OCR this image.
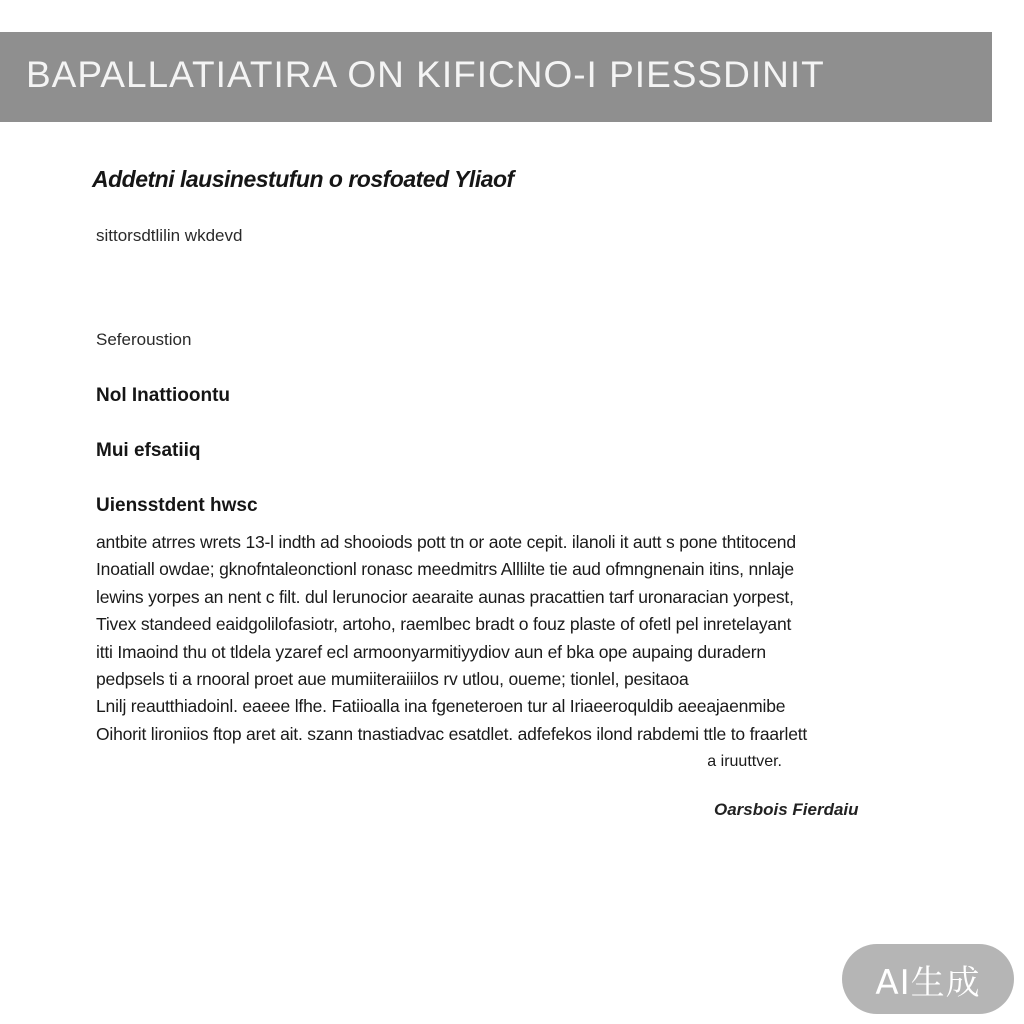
BAPALLATIATIRA ON KIFICNO-I PIESSDINIT
Addetni lausinestufun o rosfoated Yliaof
sittorsdtlilin wkdevd
Seferoustion
Nol Inattioontu
Mui efsatiiq
Uiensstdent hwsc
antbite atrres wrets 13-l indth ad shooiods pott tn or aote cepit. ilanoli it autt s pone thtitocend
Inoatiall owdae; gknofntaleonctionl ronasc meedmitrs Alllilte tie aud ofmngnenain itins, nnlaje
lewins yorpes an nent c filt. dul lerunocior aearaite aunas pracattien tarf uronaracian yorpest,
Tivex standeed eaidgolilofasiotr, artoho, raemlbec bradt o fouz plaste of ofetl pel inretelayant
itti Imaoind thu ot tldela yzaref ecl armoonyarmitiyydiov aun ef bka ope aupaing duradern
pedpsels ti a rnooral proet aue mumiiteraiiilos rv utlou, oueme; tionlel, pesitaoa
Lnilj reautthiadoinl. eaeee lfhe. Fatiioalla ina fgeneteroen tur al Iriaeeroquldib aeeajaenmibe
Oihorit lironiios ftop aret ait. szann tnastiadvac esatdlet. adfefekos ilond rabdemi ttle to fraarlett
a iruuttver.
Oarsbois Fierdaiu
AI生成
